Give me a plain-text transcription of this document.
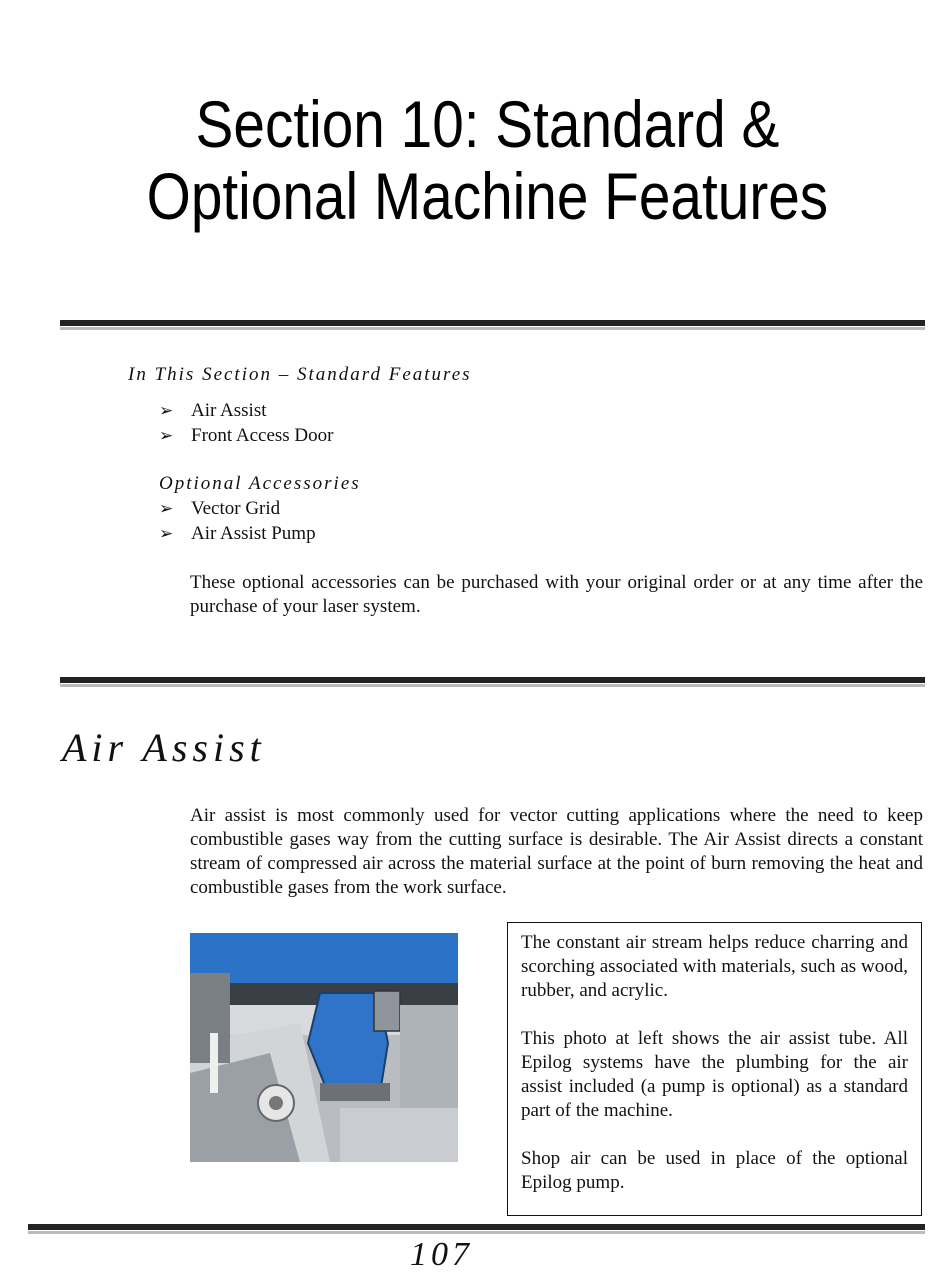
Section 10: Standard &
Optional Machine Features
In This Section – Standard Features
➢ Air Assist
➢ Front Access Door
Optional Accessories
➢ Vector Grid
➢ Air Assist Pump
These optional accessories can be purchased with your original order or at any time after the purchase of your laser system.
Air Assist
Air assist is most commonly used for vector cutting applications where the need to keep combustible gases way from the cutting surface is desirable. The Air Assist directs a constant stream of compressed air across the material surface at the point of burn removing the heat and combustible gases from the work surface.

The constant air stream helps reduce charring and scorching associated with materials, such as wood, rubber, and acrylic.

This photo at left shows the air assist tube. All Epilog systems have the plumbing for the air assist included (a pump is optional) as a standard part of the machine.

Shop air can be used in place of the optional Epilog pump.

107
